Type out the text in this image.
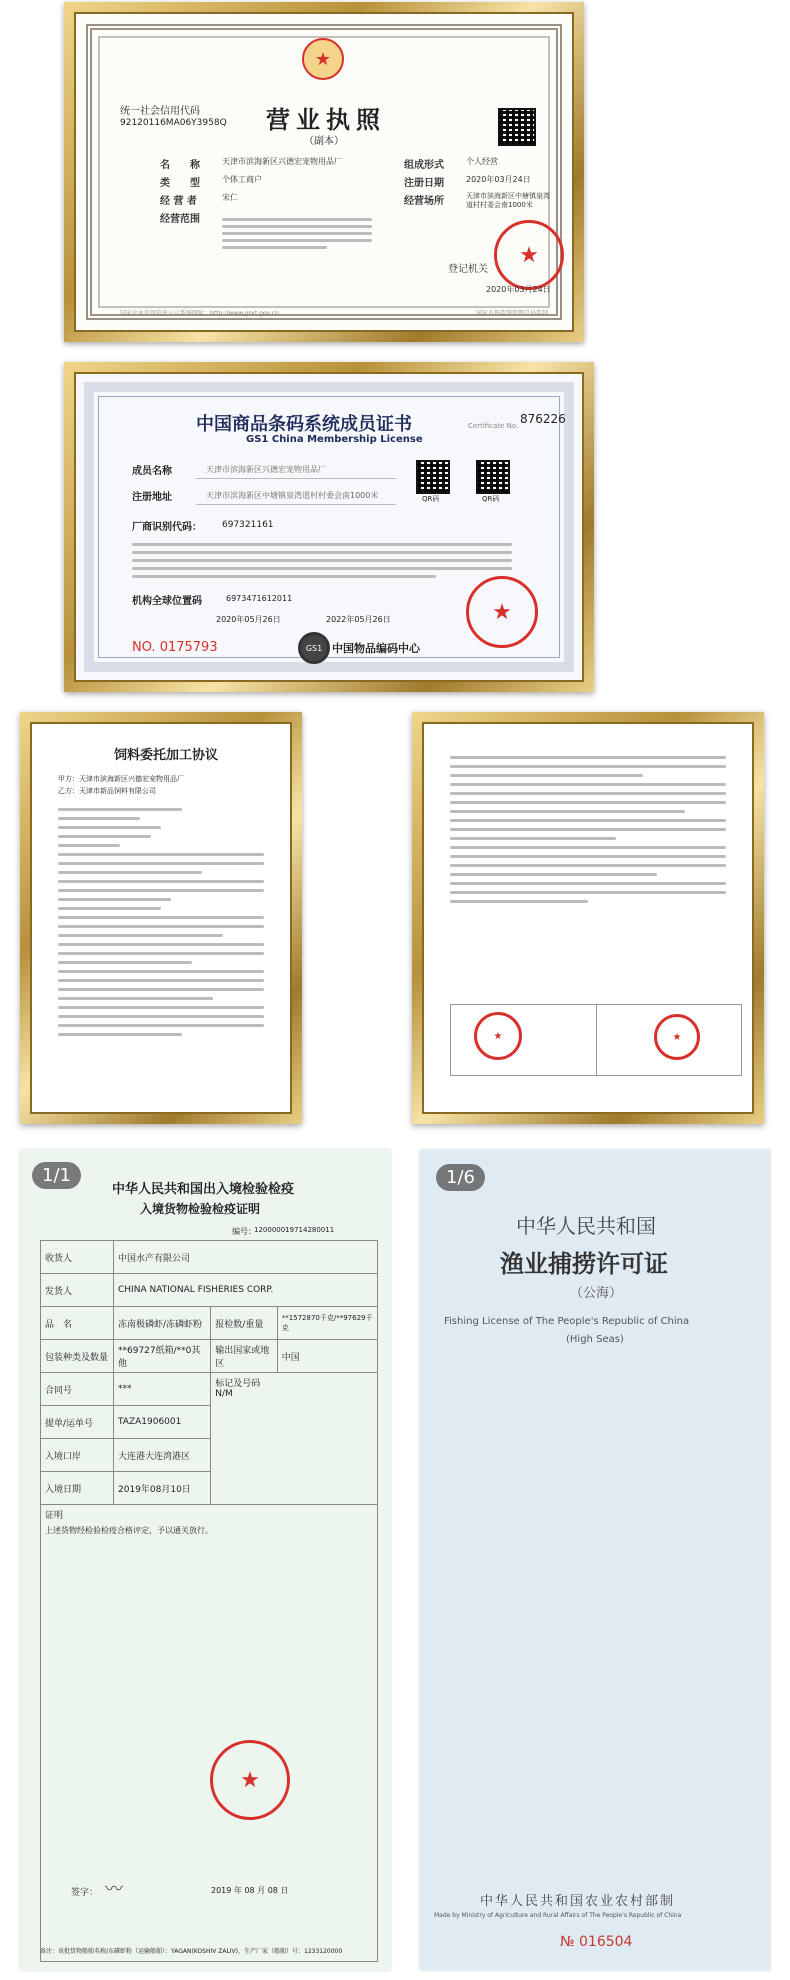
★
统一社会信用代码
92120116MA06Y3958Q 营业执照
（副本）
名　　称	天津市滨海新区兴德宏宠物用品厂
类　　型	个体工商户
经 营 者	宋仁
经营范围
组成形式	个人经营
注册日期	2020年03月24日
经营场所	天津市滨海新区中塘镇泉湾道村村委会南1000米
★
登记机关
2020年03月24日
国家企业信用信息公示系统网址：http://www.gsxt.gov.cn	国家市场监督管理总局监制
中国商品条码系统成员证书
GS1 China Membership License
Certificate No. 876226
成员名称	天津市滨海新区兴德宏宠物用品厂
注册地址	天津市滨海新区中塘镇泉湾道村村委会南1000米	QR码	QR码
厂商识别代码： 697321161
机构全球位置码	6973471612011
2020年05月26日	2022年05月26日
NO. 0175793	GS1 中国物品编码中心
★
饲料委托加工协议
甲方：天津市滨海新区兴德宏宠物用品厂
乙方：天津市新品饲料有限公司
★	★
1/1
中华人民共和国出入境检验检疫
入境货物检验检疫证明
编号：
120000019714280011
收货人	中国水产有限公司		
发货人	CHINA NATIONAL FISHERIES CORP.		
品　名	冻南极磷虾/冻磷虾粉	报检数/重量	**1572870千克/**97629千克
包装种类及数量	**69727纸箱/**0其他	输出国家或地区	中国
合同号	***	标记及号码
N/M	
提单/运单号	TAZA1906001		
入境口岸	大连港大连湾港区		
入境日期	2019年08月10日		

证明
上述货物经检验检疫合格评定，予以通关放行。
签字： 〰 2019 年 08 月 08 日			
★
备注：该批货物船舶名称/东磷虾粉（运输船舶）：YAGAN(KOSHIV ZALIV)，生产厂家（船舶）号：1233120000
1/6
中华人民共和国
渔业捕捞许可证
（公海）
Fishing License of The People's Republic of China
(High Seas)
中华人民共和国农业农村部制
Made by Ministry of Agriculture and Rural Affairs of The People's Republic of China
№ 016504
